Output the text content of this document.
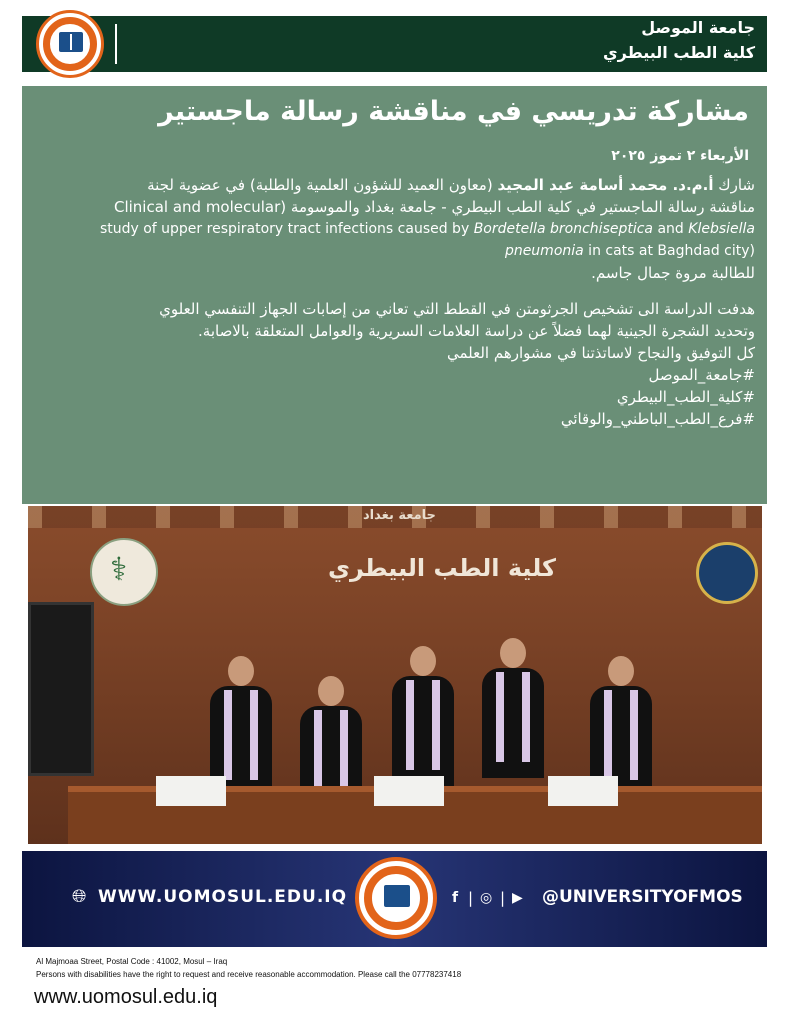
جامعة الموصل
كلية الطب البيطري
مشاركة تدريسي في مناقشة رسالة ماجستير
الأربعاء ٢ تموز ٢٠٢٥
شارك أ.م.د. محمد أسامة عبد المجيد (معاون العميد للشؤون العلمية والطلبة) في عضوية لجنة
مناقشة رسالة الماجستير في كلية الطب البيطري - جامعة بغداد والموسومة (Clinical and molecular
study of upper respiratory tract infections caused by Bordetella bronchiseptica and Klebsiella
pneumonia in cats at Baghdad city)
للطالبة مروة جمال جاسم.
هدفت الدراسة الى تشخيص الجرثومتن في القطط التي تعاني من إصابات الجهاز التنفسي العلوي
وتحديد الشجرة الجينية لهما فضلاً عن دراسة العلامات السريرية والعوامل المتعلقة بالاصابة.
كل التوفيق والنجاح لاساتذتنا في مشوارهم العلمي
#جامعة_الموصل
#كلية_الطب_البيطري
#فرع_الطب_الباطني_والوقائي
جامعة بغداد
⚕
كلية الطب البيطري
🌐︎ WWW.UOMOSUL.EDU.IQ	f | ◎ | ▶ @UNIVERSITYOFMOS
Al Majmoaa Street, Postal Code : 41002, Mosul – Iraq
Persons with disabilities have the right to request and receive reasonable accommodation. Please call the 07778237418
www.uomosul.edu.iq
